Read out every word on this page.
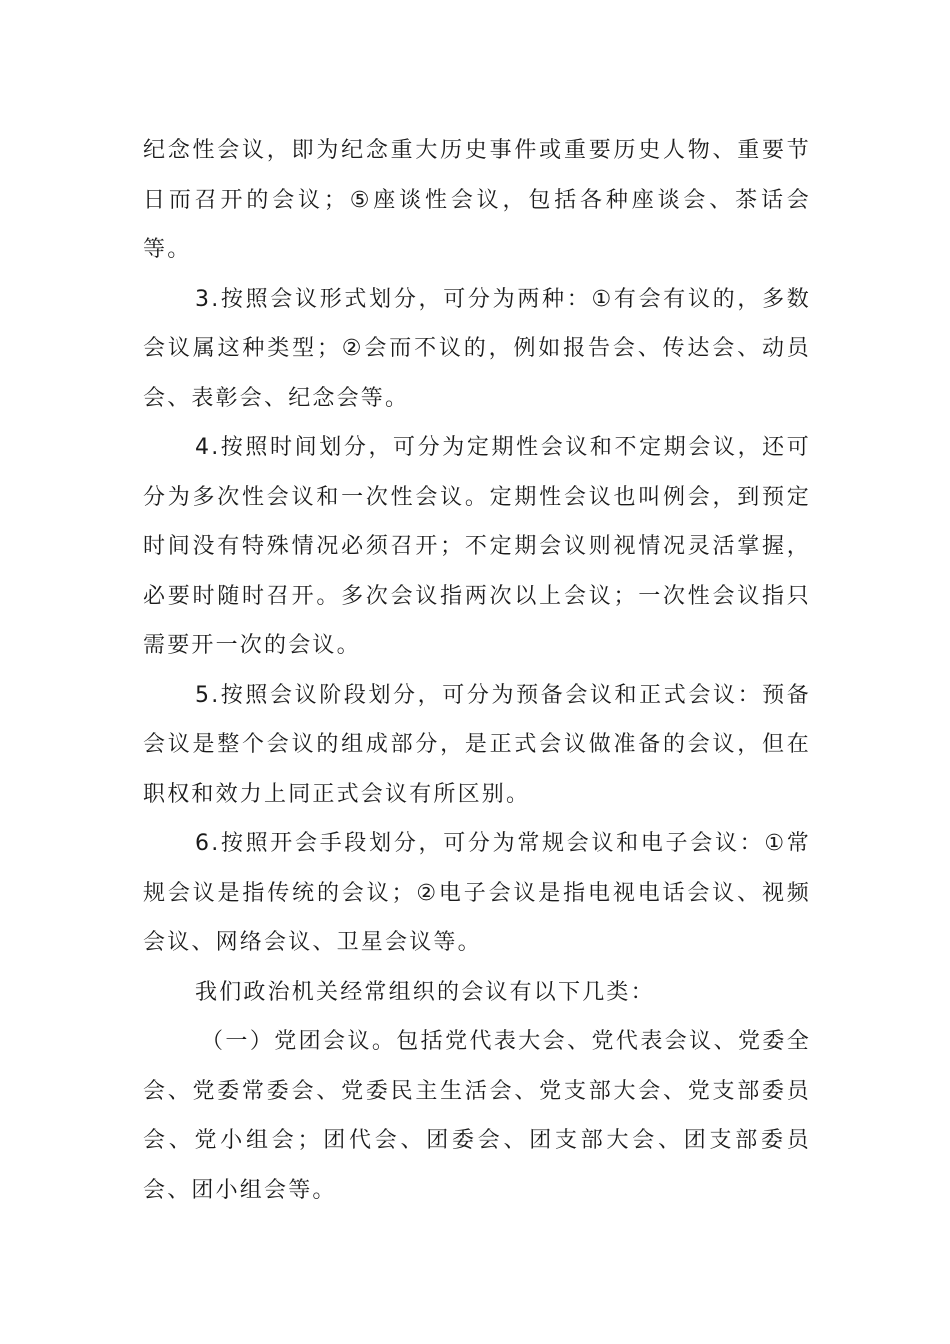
纪念性会议，即为纪念重大历史事件或重要历史人物、重要节日而召开的会议；⑤座谈性会议，包括各种座谈会、茶话会等。

3.按照会议形式划分，可分为两种：①有会有议的，多数会议属这种类型；②会而不议的，例如报告会、传达会、动员会、表彰会、纪念会等。

4.按照时间划分，可分为定期性会议和不定期会议，还可分为多次性会议和一次性会议。定期性会议也叫例会，到预定时间没有特殊情况必须召开；不定期会议则视情况灵活掌握，必要时随时召开。多次会议指两次以上会议；一次性会议指只需要开一次的会议。

5.按照会议阶段划分，可分为预备会议和正式会议：预备会议是整个会议的组成部分，是正式会议做准备的会议，但在职权和效力上同正式会议有所区别。

6.按照开会手段划分，可分为常规会议和电子会议：①常规会议是指传统的会议；②电子会议是指电视电话会议、视频会议、网络会议、卫星会议等。

我们政治机关经常组织的会议有以下几类：

（一）党团会议。包括党代表大会、党代表会议、党委全会、党委常委会、党委民主生活会、党支部大会、党支部委员会、党小组会；团代会、团委会、团支部大会、团支部委员会、团小组会等。
